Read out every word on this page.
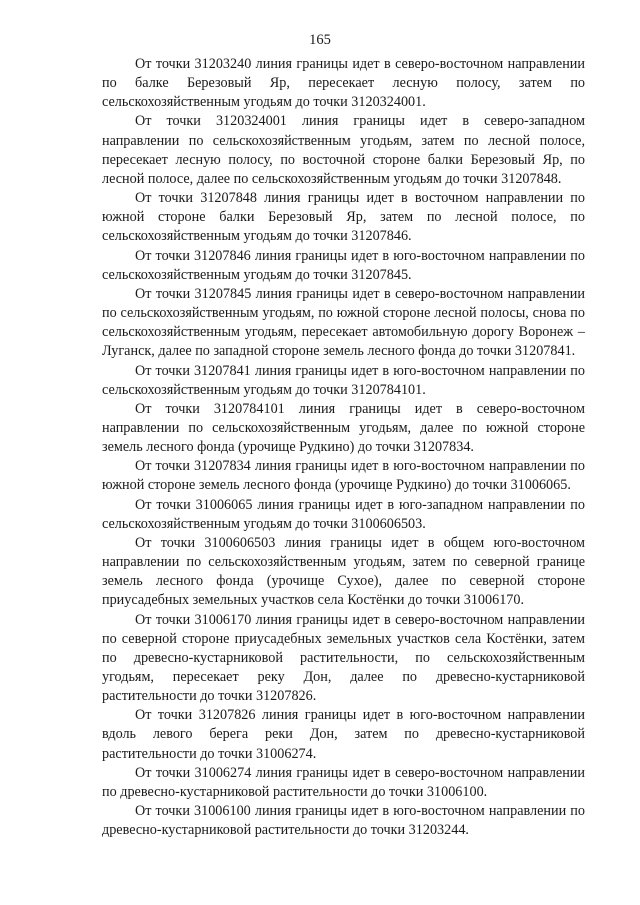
165

От точки 31203240 линия границы идет в северо-восточном направлении по балке Березовый Яр, пересекает лесную полосу, затем по сельскохозяйственным угодьям до точки 3120324001.

От точки 3120324001 линия границы идет в северо-западном направлении по сельскохозяйственным угодьям, затем по лесной полосе, пересекает лесную полосу, по восточной стороне балки Березовый Яр, по лесной полосе, далее по сельскохозяйственным угодьям до точки 31207848.

От точки 31207848 линия границы идет в восточном направлении по южной стороне балки Березовый Яр, затем по лесной полосе, по сельскохозяйственным угодьям до точки 31207846.

От точки 31207846 линия границы идет в юго-восточном направлении по сельскохозяйственным угодьям до точки 31207845.

От точки 31207845 линия границы идет в северо-восточном направлении по сельскохозяйственным угодьям, по южной стороне лесной полосы, снова по сельскохозяйственным угодьям, пересекает автомобильную дорогу Воронеж – Луганск, далее по западной стороне земель лесного фонда до точки 31207841.

От точки 31207841 линия границы идет в юго-восточном направлении по сельскохозяйственным угодьям до точки 3120784101.

От точки 3120784101 линия границы идет в северо-восточном направлении по сельскохозяйственным угодьям, далее по южной стороне земель лесного фонда (урочище Рудкино) до точки 31207834.

От точки 31207834 линия границы идет в юго-восточном направлении по южной стороне земель лесного фонда (урочище Рудкино) до точки 31006065.

От точки 31006065 линия границы идет в юго-западном направлении по сельскохозяйственным угодьям до точки 3100606503.

От точки 3100606503 линия границы идет в общем юго-восточном направлении по сельскохозяйственным угодьям, затем по северной границе земель лесного фонда (урочище Сухое), далее по северной стороне приусадебных земельных участков села Костёнки до точки 31006170.

От точки 31006170 линия границы идет в северо-восточном направлении по северной стороне приусадебных земельных участков села Костёнки, затем по древесно-кустарниковой растительности, по сельскохозяйственным угодьям, пересекает реку Дон, далее по древесно-кустарниковой растительности до точки 31207826.

От точки 31207826 линия границы идет в юго-восточном направлении вдоль левого берега реки Дон, затем по древесно-кустарниковой растительности до точки 31006274.

От точки 31006274 линия границы идет в северо-восточном направлении по древесно-кустарниковой растительности до точки 31006100.

От точки 31006100 линия границы идет в юго-восточном направлении по древесно-кустарниковой растительности до точки 31203244.
